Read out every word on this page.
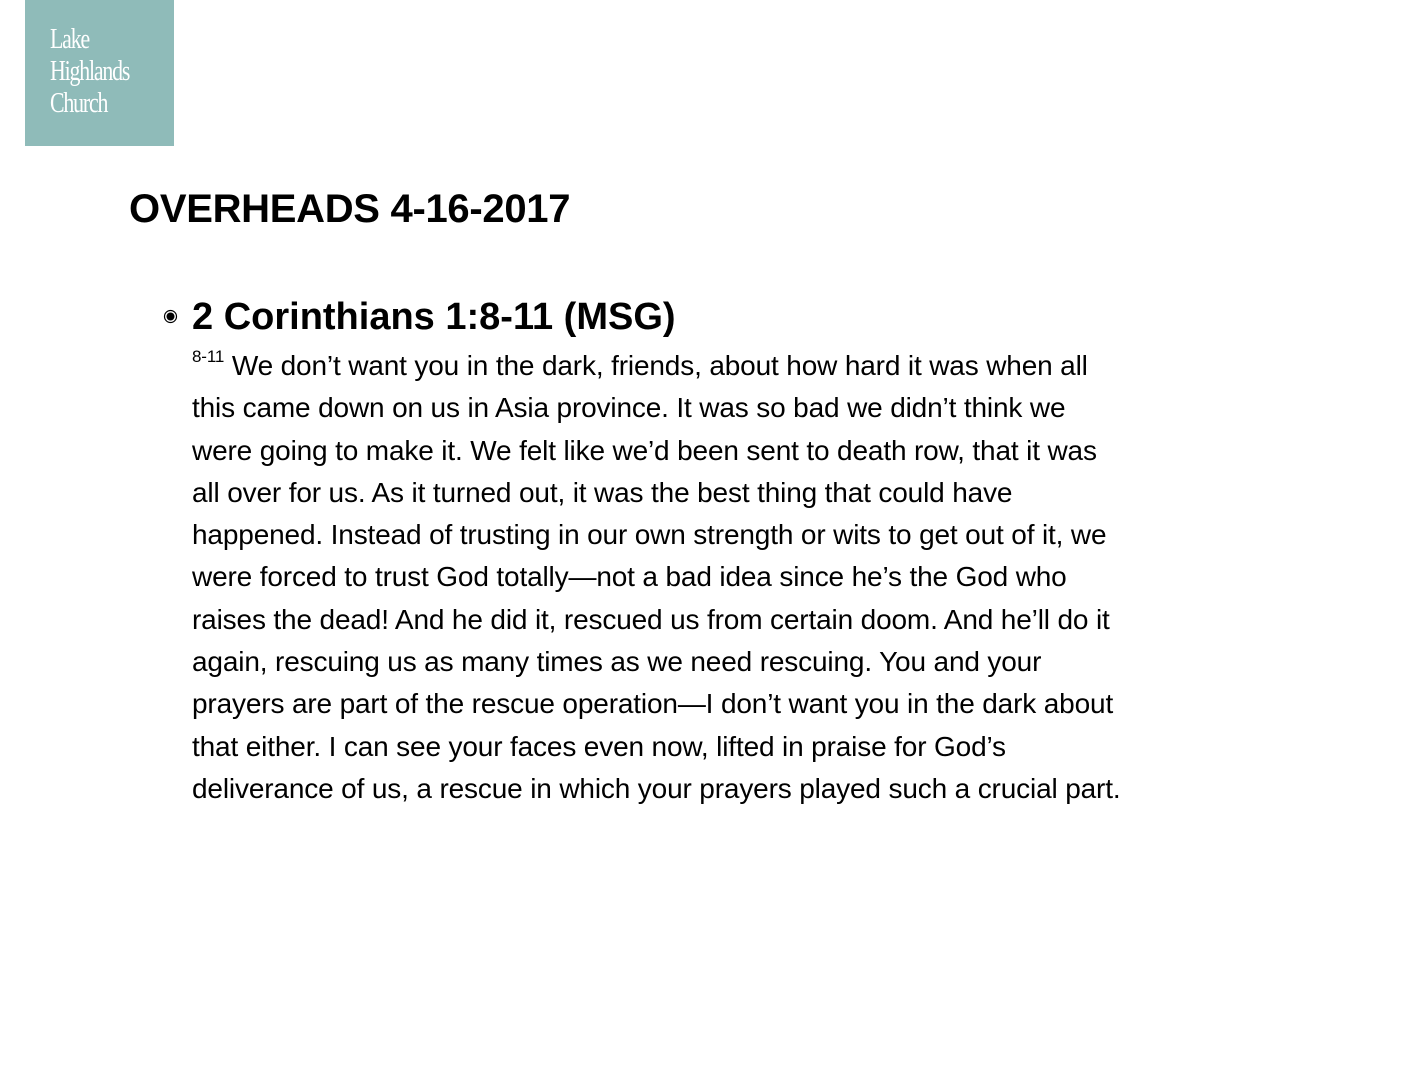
Lake
Highlands
Church
OVERHEADS 4-16-2017
2 Corinthians 1:8-11 (MSG)

$^{8-11}$ We don’t want you in the dark, friends, about how hard it was when all
this came down on us in Asia province. It was so bad we didn’t think we
were going to make it. We felt like we’d been sent to death row, that it was
all over for us. As it turned out, it was the best thing that could have
happened. Instead of trusting in our own strength or wits to get out of it, we
were forced to trust God totally—not a bad idea since he’s the God who
raises the dead! And he did it, rescued us from certain doom. And he’ll do it
again, rescuing us as many times as we need rescuing. You and your
prayers are part of the rescue operation—I don’t want you in the dark about
that either. I can see your faces even now, lifted in praise for God’s
deliverance of us, a rescue in which your prayers played such a crucial part.
